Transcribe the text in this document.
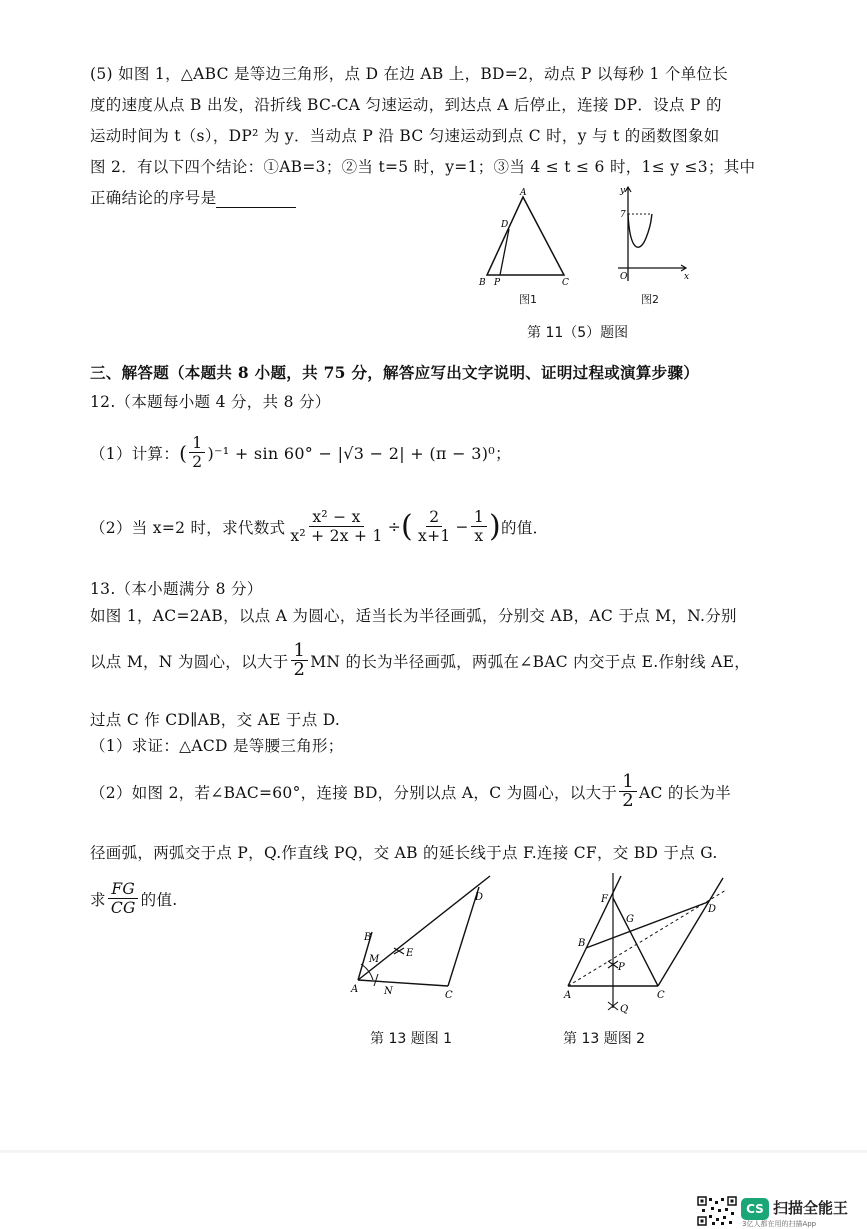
(5) 如图 1，△ABC 是等边三角形，点 D 在边 AB 上，BD=2，动点 P 以每秒 1 个单位长
度的速度从点 B 出发，沿折线 BC-CA 匀速运动，到达点 A 后停止，连接 DP．设点 P 的
运动时间为 t（s），DP² 为 y．当动点 P 沿 BC 匀速运动到点 C 时，y 与 t 的函数图象如
图 2．有以下四个结论：①AB=3；②当 t=5 时，y=1；③当 4 ≤ t ≤ 6 时，1≤ y ≤3；其中
正确结论的序号是	A
D
B P	C
图1
y
7
O	x
图2
第 11（5）题图
三、解答题（本题共 8 小题，共 75 分，解答应写出文字说明、证明过程或演算步骤）
12.（本题每小题 4 分，共 8 分）
（1）计算： ( $\frac{1}{2} )^{-1} + \sin 60^\circ - |√3 - 2| + (\pi - 3)^0$；
（2）当 x=2 时，求代数式 $\frac{\text{x² − x}}{\text{x² + 2x + 1}}$ ÷ ( $\frac{2}{x+1} - \frac{1}{x}$ ) 的值．
13.（本小题满分 8 分）
如图 1，AC=2AB，以点 A 为圆心，适当长为半径画弧，分别交 AB，AC 于点 M，N.分别
以点 M，N 为圆心，以大于 $\frac{1}{2}$ MN 的长为半径画弧，两弧在∠BAC 内交于点 E.作射线 AE，
过点 C 作 CD∥AB，交 AE 于点 D.
（1）求证：△ACD 是等腰三角形；
（2）如图 2，若∠BAC=60°，连接 BD，分别以点 A，C 为圆心，以大于 $\frac{1}{2}$ AC 的长为半
径画弧，两弧交于点 P，Q.作直线 PQ，交 AB 的延长线于点 F.连接 CF，交 BD 于点 G.
求 $\frac{FG}{CG}$ 的值.
B
M
E
A	N	C
D
第 13 题图 1
F
G
B
P
D
A	C
Q
第 13 题图 2
CS 扫描全能王
3亿人都在用的扫描App
